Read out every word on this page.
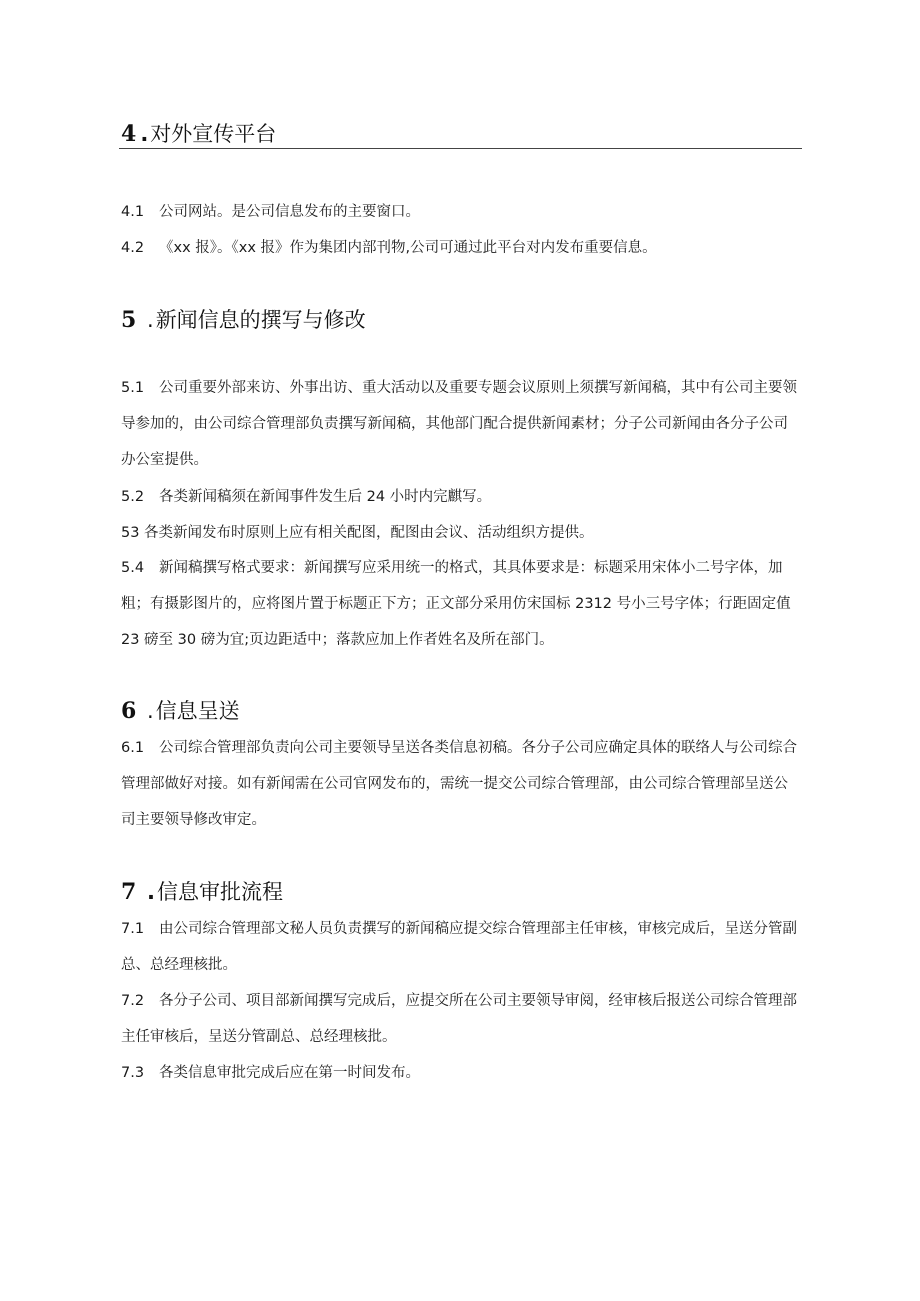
4 .对外宣传平台

4.1 公司网站。是公司信息发布的主要窗口。

4.2 《xx 报》。《xx 报》作为集团内部刊物,公司可通过此平台对内发布重要信息。

5 .新闻信息的撰写与修改

5.1 公司重要外部来访、外事出访、重大活动以及重要专题会议原则上须撰写新闻稿，其中有公司主要领导参加的，由公司综合管理部负责撰写新闻稿，其他部门配合提供新闻素材；分子公司新闻由各分子公司办公室提供。

5.2 各类新闻稿须在新闻事件发生后 24 小时内完麒写。

53 各类新闻发布时原则上应有相关配图，配图由会议、活动组织方提供。

5.4 新闻稿撰写格式要求：新闻撰写应采用统一的格式，其具体要求是：标题采用宋体小二号字体，加粗；有摄影图片的，应将图片置于标题正下方；正文部分采用仿宋国标 2312 号小三号字体；行距固定值 23 磅至 30 磅为宜;页边距适中；落款应加上作者姓名及所在部门。

6 .信息呈送

6.1 公司综合管理部负责向公司主要领导呈送各类信息初稿。各分子公司应确定具体的联络人与公司综合管理部做好对接。如有新闻需在公司官网发布的，需统一提交公司综合管理部，由公司综合管理部呈送公司主要领导修改审定。

7 .信息审批流程

7.1 由公司综合管理部文秘人员负责撰写的新闻稿应提交综合管理部主任审核，审核完成后，呈送分管副总、总经理核批。

7.2 各分子公司、项目部新闻撰写完成后，应提交所在公司主要领导审阅，经审核后报送公司综合管理部主任审核后，呈送分管副总、总经理核批。

7.3 各类信息审批完成后应在第一时间发布。
